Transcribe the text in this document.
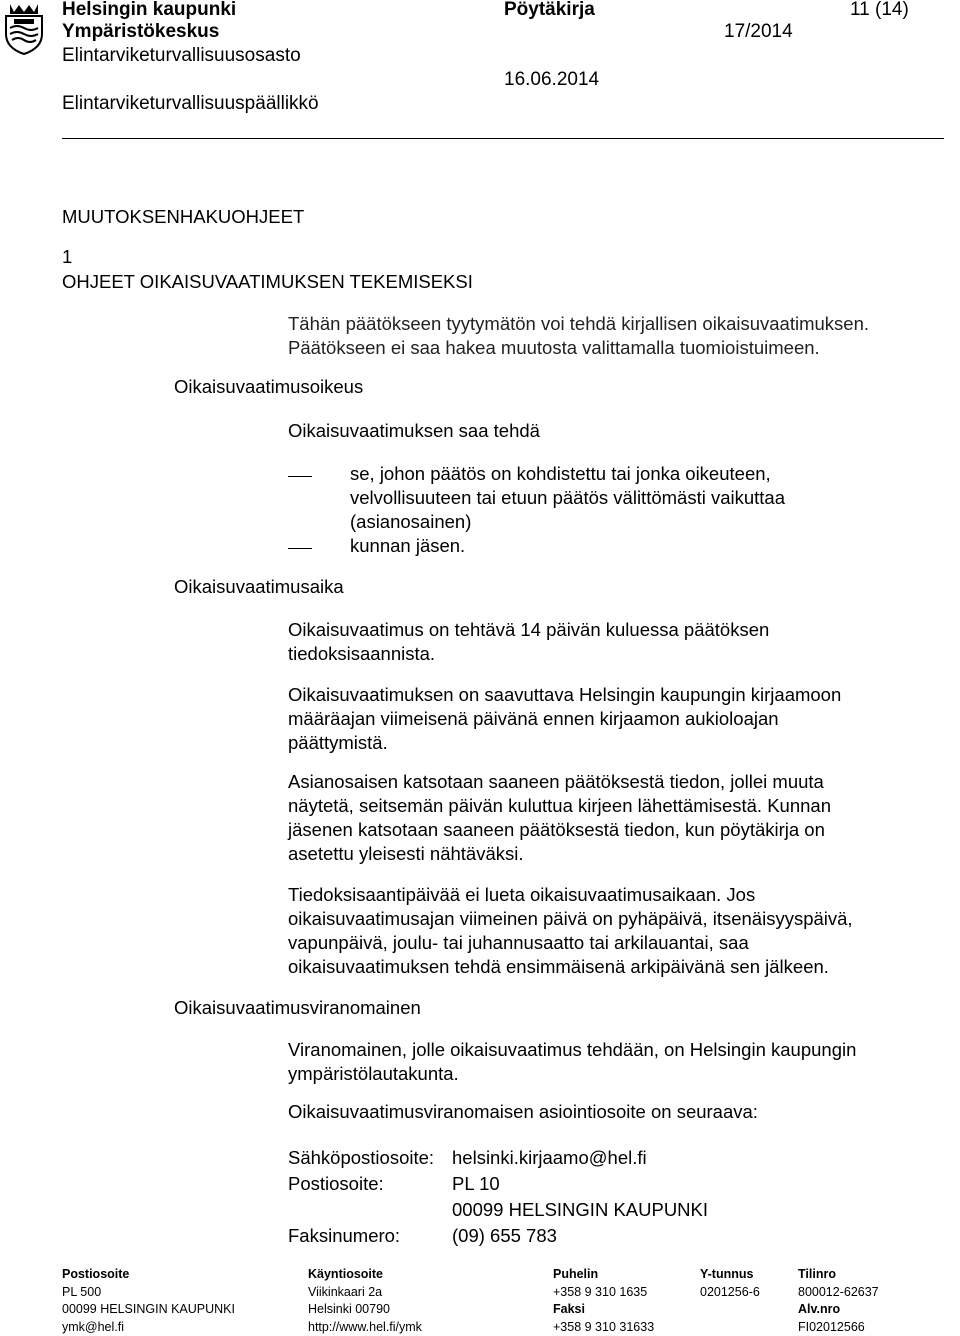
Helsingin kaupunki
Ympäristökeskus
Elintarviketurvallisuusosasto
Elintarviketurvallisuuspäällikkö
Pöytäkirja
17/2014
16.06.2014
11 (14)
MUUTOKSENHAKUOHJEET
1
OHJEET OIKAISUVAATIMUKSEN TEKEMISEKSI
Tähän päätökseen tyytymätön voi tehdä kirjallisen oikaisuvaatimuksen.
Päätökseen ei saa hakea muutosta valittamalla tuomioistuimeen.
Oikaisuvaatimusoikeus
Oikaisuvaatimuksen saa tehdä
se, johon päätös on kohdistettu tai jonka oikeuteen,
velvollisuuteen tai etuun päätös välittömästi vaikuttaa
(asianosainen)
kunnan jäsen.
Oikaisuvaatimusaika
Oikaisuvaatimus on tehtävä 14 päivän kuluessa päätöksen
tiedoksisaannista.
Oikaisuvaatimuksen on saavuttava Helsingin kaupungin kirjaamoon
määräajan viimeisenä päivänä ennen kirjaamon aukioloajan
päättymistä.
Asianosaisen katsotaan saaneen päätöksestä tiedon, jollei muuta
näytetä, seitsemän päivän kuluttua kirjeen lähettämisestä. Kunnan
jäsenen katsotaan saaneen päätöksestä tiedon, kun pöytäkirja on
asetettu yleisesti nähtäväksi.
Tiedoksisaantipäivää ei lueta oikaisuvaatimusaikaan. Jos
oikaisuvaatimusajan viimeinen päivä on pyhäpäivä, itsenäisyyspäivä,
vapunpäivä, joulu- tai juhannusaatto tai arkilauantai, saa
oikaisuvaatimuksen tehdä ensimmäisenä arkipäivänä sen jälkeen.
Oikaisuvaatimusviranomainen
Viranomainen, jolle oikaisuvaatimus tehdään, on Helsingin kaupungin
ympäristölautakunta.
Oikaisuvaatimusviranomaisen asiointiosoite on seuraava:
Sähköpostiosoite: helsinki.kirjaamo@hel.fi
Postiosoite:	PL 10
00099 HELSINGIN KAUPUNKI
Faksinumero:	(09) 655 783
Postiosoite
PL 500
00099 HELSINGIN KAUPUNKI
ymk@hel.fi
Käyntiosoite
Viikinkaari 2a
Helsinki 00790
http://www.hel.fi/ymk
Puhelin
+358 9 310 1635
Faksi
+358 9 310 31633
Y-tunnus
0201256-6
Tilinro
800012-62637
Alv.nro
FI02012566
